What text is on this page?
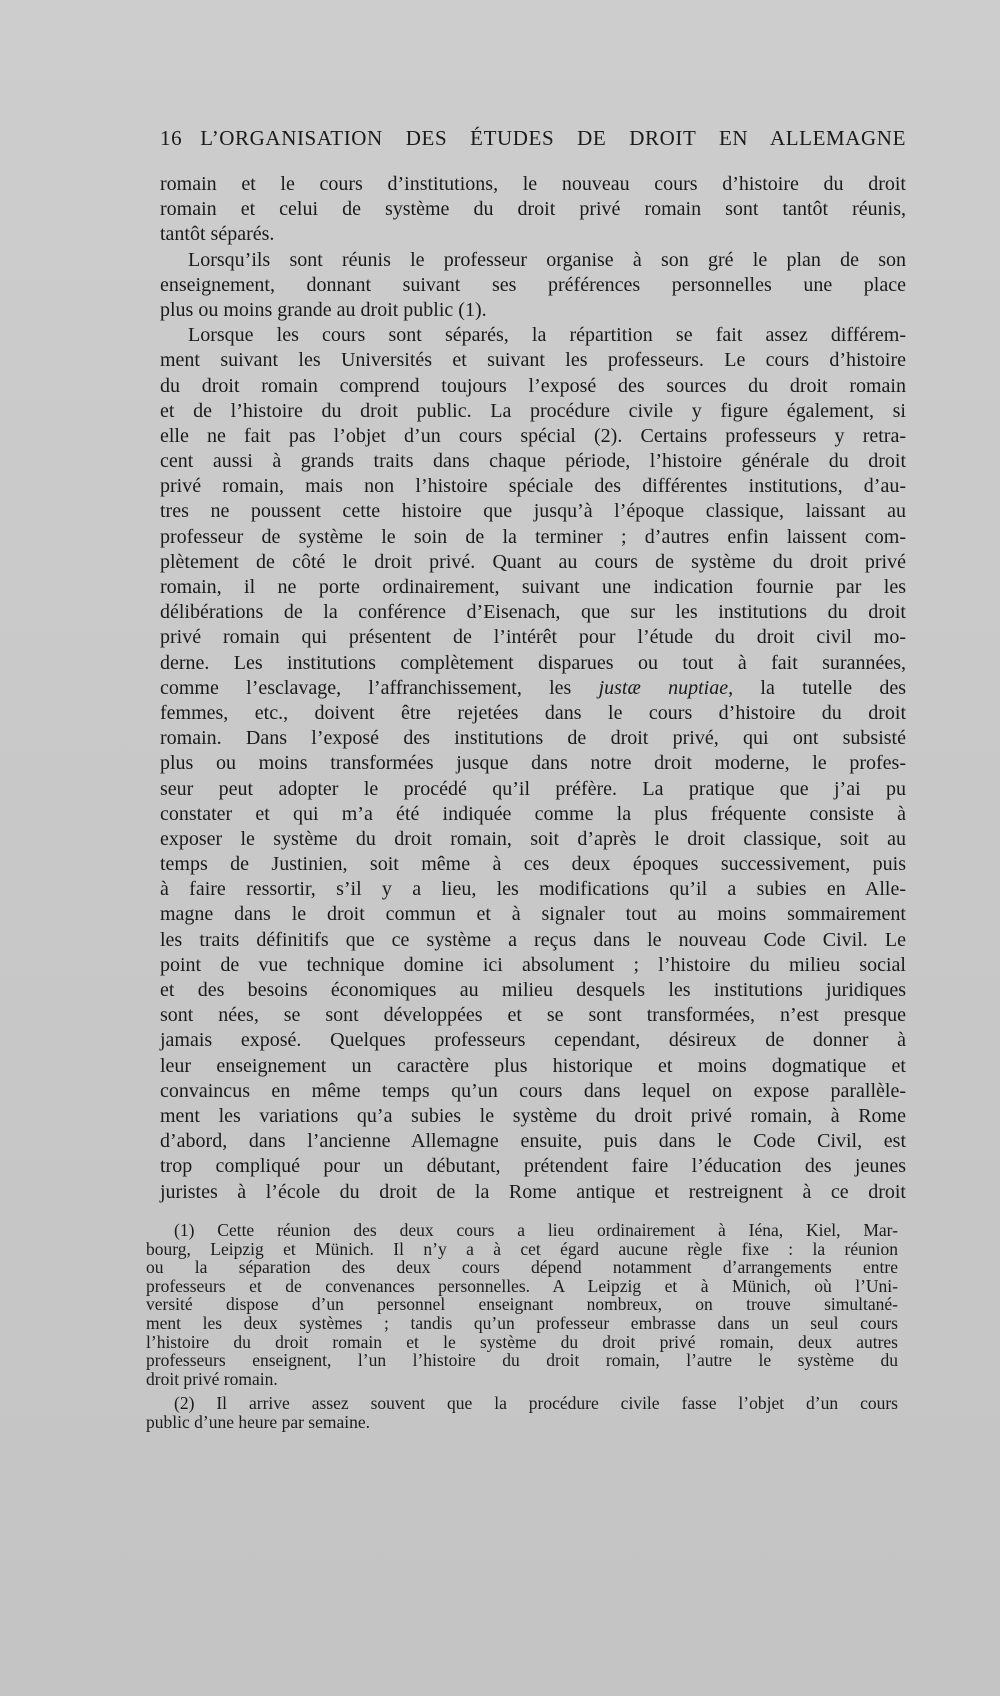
16 L’ORGANISATION DES ÉTUDES DE DROIT EN ALLEMAGNE
romain et le cours d’institutions, le nouveau cours d’histoire du droit
romain et celui de système du droit privé romain sont tantôt réunis,
tantôt séparés.
Lorsqu’ils sont réunis le professeur organise à son gré le plan de son
enseignement, donnant suivant ses préférences personnelles une place
plus ou moins grande au droit public (1).
Lorsque les cours sont séparés, la répartition se fait assez différem-
ment suivant les Universités et suivant les professeurs. Le cours d’histoire
du droit romain comprend toujours l’exposé des sources du droit romain
et de l’histoire du droit public. La procédure civile y figure également, si
elle ne fait pas l’objet d’un cours spécial (2). Certains professeurs y retra-
cent aussi à grands traits dans chaque période, l’histoire générale du droit
privé romain, mais non l’histoire spéciale des différentes institutions, d’au-
tres ne poussent cette histoire que jusqu’à l’époque classique, laissant au
professeur de système le soin de la terminer ; d’autres enfin laissent com-
plètement de côté le droit privé. Quant au cours de système du droit privé
romain, il ne porte ordinairement, suivant une indication fournie par les
délibérations de la conférence d’Eisenach, que sur les institutions du droit
privé romain qui présentent de l’intérêt pour l’étude du droit civil mo-
derne. Les institutions complètement disparues ou tout à fait surannées,
comme l’esclavage, l’affranchissement, les justæ nuptiae, la tutelle des
femmes, etc., doivent être rejetées dans le cours d’histoire du droit
romain. Dans l’exposé des institutions de droit privé, qui ont subsisté
plus ou moins transformées jusque dans notre droit moderne, le profes-
seur peut adopter le procédé qu’il préfère. La pratique que j’ai pu
constater et qui m’a été indiquée comme la plus fréquente consiste à
exposer le système du droit romain, soit d’après le droit classique, soit au
temps de Justinien, soit même à ces deux époques successivement, puis
à faire ressortir, s’il y a lieu, les modifications qu’il a subies en Alle-
magne dans le droit commun et à signaler tout au moins sommairement
les traits définitifs que ce système a reçus dans le nouveau Code Civil. Le
point de vue technique domine ici absolument ; l’histoire du milieu social
et des besoins économiques au milieu desquels les institutions juridiques
sont nées, se sont développées et se sont transformées, n’est presque
jamais exposé. Quelques professeurs cependant, désireux de donner à
leur enseignement un caractère plus historique et moins dogmatique et
convaincus en même temps qu’un cours dans lequel on expose parallèle-
ment les variations qu’a subies le système du droit privé romain, à Rome
d’abord, dans l’ancienne Allemagne ensuite, puis dans le Code Civil, est
trop compliqué pour un débutant, prétendent faire l’éducation des jeunes
juristes à l’école du droit de la Rome antique et restreignent à ce droit
(1) Cette réunion des deux cours a lieu ordinairement à Iéna, Kiel, Mar-
bourg, Leipzig et Münich. Il n’y a à cet égard aucune règle fixe : la réunion
ou la séparation des deux cours dépend notamment d’arrangements entre
professeurs et de convenances personnelles. A Leipzig et à Münich, où l’Uni-
versité dispose d’un personnel enseignant nombreux, on trouve simultané-
ment les deux systèmes ; tandis qu’un professeur embrasse dans un seul cours
l’histoire du droit romain et le système du droit privé romain, deux autres
professeurs enseignent, l’un l’histoire du droit romain, l’autre le système du
droit privé romain.
(2) Il arrive assez souvent que la procédure civile fasse l’objet d’un cours
public d’une heure par semaine.
